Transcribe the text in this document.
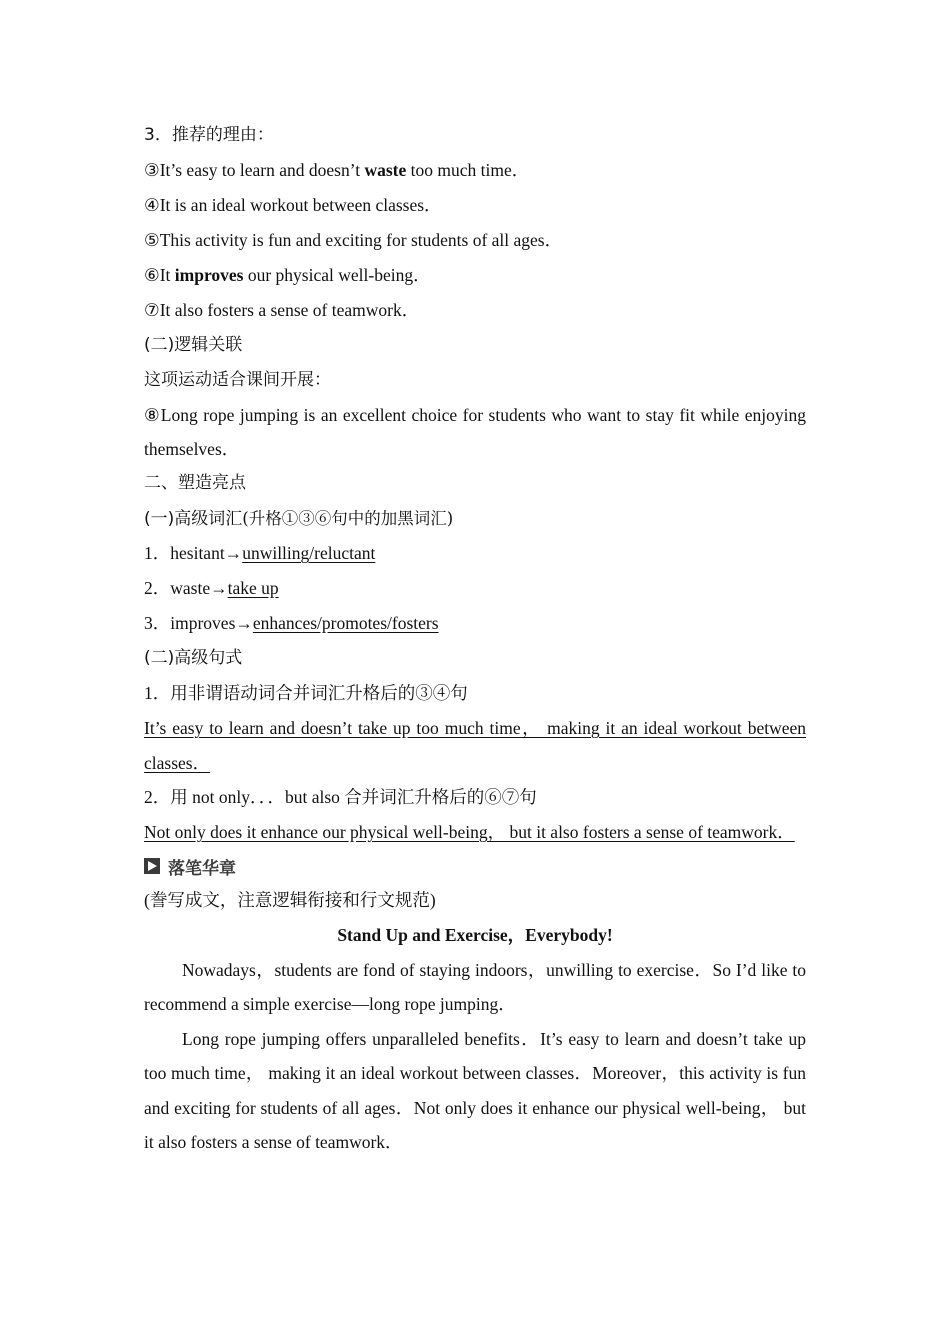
3．推荐的理由：
③It’s easy to learn and doesn’t waste too much time．
④It is an ideal workout between classes．
⑤This activity is fun and exciting for students of all ages．
⑥It improves our physical well-being．
⑦It also fosters a sense of teamwork．
(二)逻辑关联
这项运动适合课间开展：
⑧Long rope jumping is an excellent choice for students who want to stay fit while enjoying themselves．
二、塑造亮点
(一)高级词汇(升格①③⑥句中的加黑词汇)
1．hesitant→unwilling/reluctant
2．waste→take up
3．improves→enhances/promotes/fosters
(二)高级句式
1．用非谓语动词合并词汇升格后的③④句
It’s easy to learn and doesn’t take up too much time， making it an ideal workout between classes．
2．用 not only．．．but also 合并词汇升格后的⑥⑦句
Not only does it enhance our physical well-being， but it also fosters a sense of teamwork．
落笔华章
(誊写成文，注意逻辑衔接和行文规范)
Stand Up and Exercise，Everybody!
Nowadays，students are fond of staying indoors，unwilling to exercise．So I’d like to recommend a simple exercise—long rope jumping．
Long rope jumping offers unparalleled benefits．It’s easy to learn and doesn’t take up too much time， making it an ideal workout between classes．Moreover，this activity is fun and exciting for students of all ages．Not only does it enhance our physical well-being， but it also fosters a sense of teamwork．
